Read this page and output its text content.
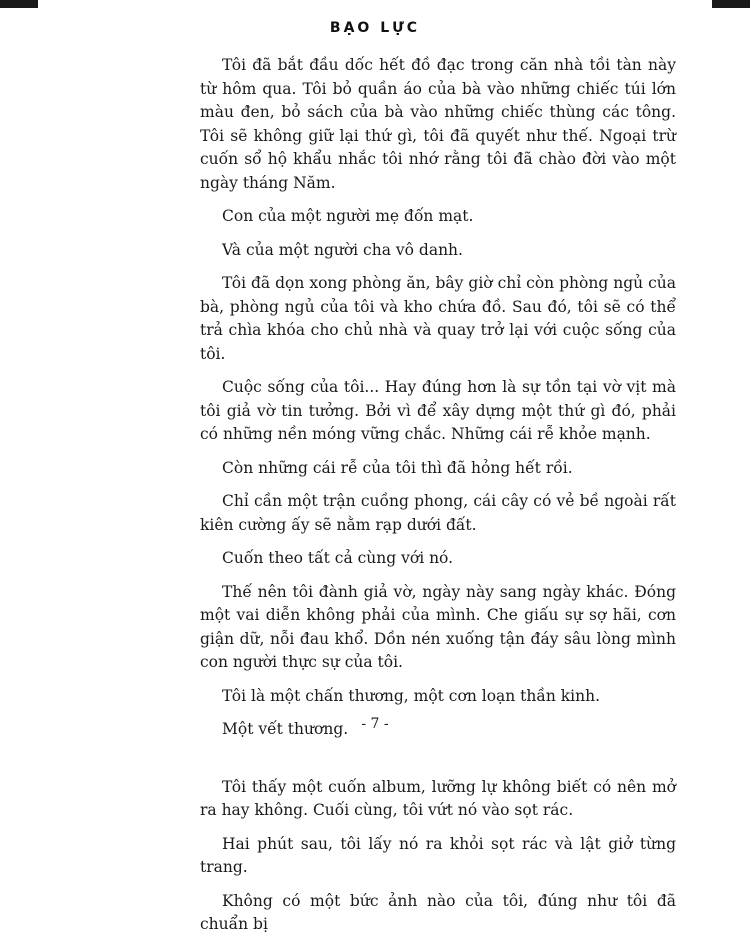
BẠO LỰC

Tôi đã bắt đầu dốc hết đồ đạc trong căn nhà tồi tàn này từ hôm qua. Tôi bỏ quần áo của bà vào những chiếc túi lớn màu đen, bỏ sách của bà vào những chiếc thùng các tông. Tôi sẽ không giữ lại thứ gì, tôi đã quyết như thế. Ngoại trừ cuốn sổ hộ khẩu nhắc tôi nhớ rằng tôi đã chào đời vào một ngày tháng Năm.

Con của một người mẹ đốn mạt.

Và của một người cha vô danh.

Tôi đã dọn xong phòng ăn, bây giờ chỉ còn phòng ngủ của bà, phòng ngủ của tôi và kho chứa đồ. Sau đó, tôi sẽ có thể trả chìa khóa cho chủ nhà và quay trở lại với cuộc sống của tôi.

Cuộc sống của tôi... Hay đúng hơn là sự tồn tại vờ vịt mà tôi giả vờ tin tưởng. Bởi vì để xây dựng một thứ gì đó, phải có những nền móng vững chắc. Những cái rễ khỏe mạnh.

Còn những cái rễ của tôi thì đã hỏng hết rồi.

Chỉ cần một trận cuồng phong, cái cây có vẻ bề ngoài rất kiên cường ấy sẽ nằm rạp dưới đất.

Cuốn theo tất cả cùng với nó.

Thế nên tôi đành giả vờ, ngày này sang ngày khác. Đóng một vai diễn không phải của mình. Che giấu sự sợ hãi, cơn giận dữ, nỗi đau khổ. Dồn nén xuống tận đáy sâu lòng mình con người thực sự của tôi.

Tôi là một chấn thương, một cơn loạn thần kinh.

Một vết thương.

Tôi thấy một cuốn album, lưỡng lự không biết có nên mở ra hay không. Cuối cùng, tôi vứt nó vào sọt rác.

Hai phút sau, tôi lấy nó ra khỏi sọt rác và lật giở từng trang.

Không có một bức ảnh nào của tôi, đúng như tôi đã chuẩn bị

- 7 -
